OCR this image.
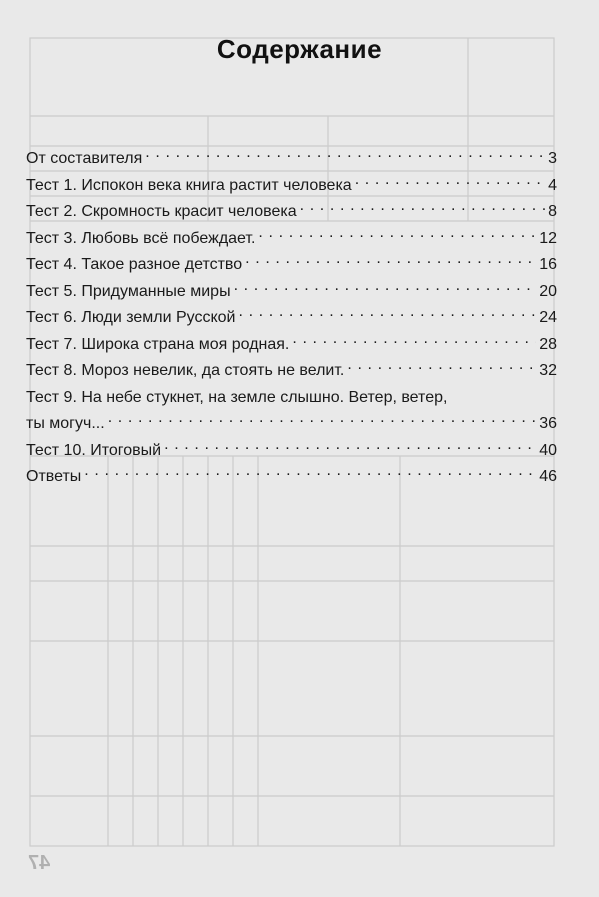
47
Содержание
От составителя . . .	3
Тест 1. Испокон века книга растит человека . . .	4
Тест 2. Скромность красит человека . . .	8
Тест 3. Любовь всё побеждает. . . .	12
Тест 4. Такое разное детство . . .	16
Тест 5. Придуманные миры . . .	20
Тест 6. Люди земли Русской . . .	24
Тест 7. Широка страна моя родная. . . .	28
Тест 8. Мороз невелик, да стоять не велит. . . .	32
Тест 9. На небе стукнет, на земле слышно. Ветер, ветер,
ты могуч... . . .	36
Тест 10. Итоговый . . .	40
Ответы . . .	46
